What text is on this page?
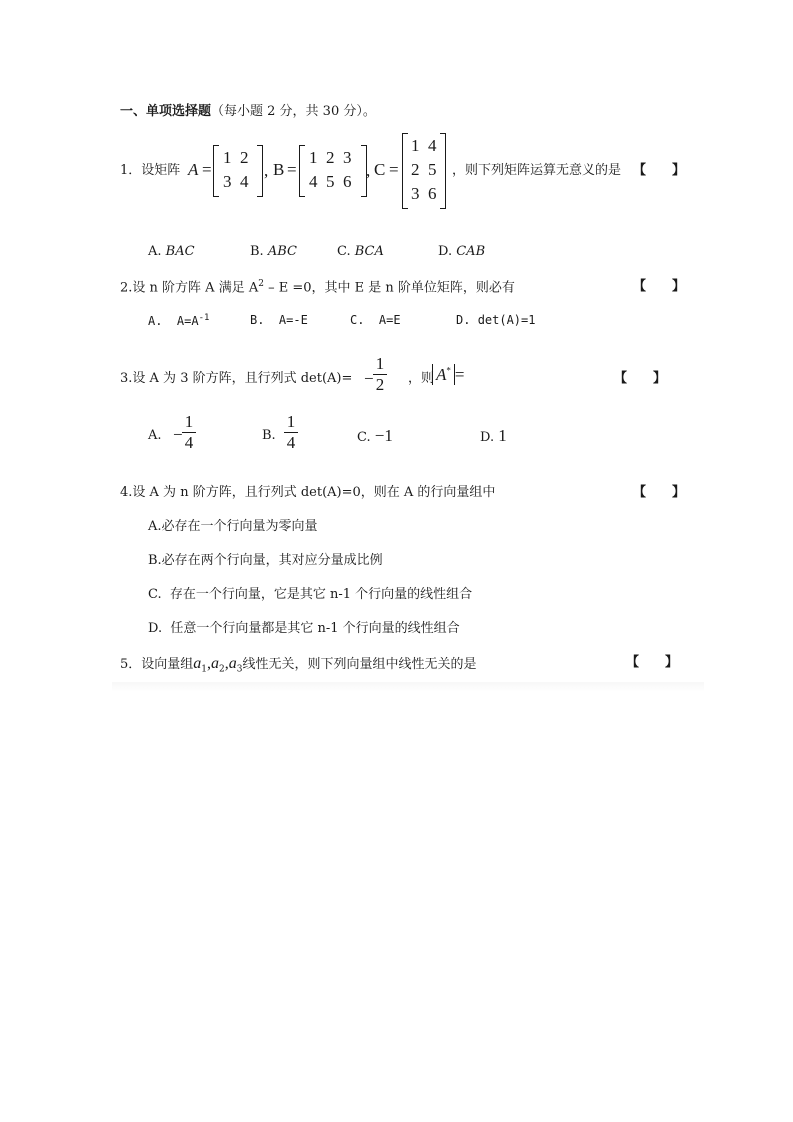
一、单项选择题（每小题 2 分，共 30 分）。
1．设矩阵 A =
1  2
3  4
, B =
1  2  3
4  5  6
, C =
1  4
2  5
3  6
，则下列矩阵运算无意义的是 【　　】
A. BAC	B. ABC	C. BCA	D. CAB
2.设 n 阶方阵 A 满足 $A^2 - E =0$，其中 E 是 n 阶单位矩阵，则必有	【　　】
A. $A=A^{-1}$	B. A=-E	C. A=E	D. det(A)=1
3.设 A 为 3 阶方阵，且行列式 det(A)= −
1
2 ，则 A* =	【　　】
A. −
1
4	B.
1
4	C. −1	D. 1
4.设 A 为 n 阶方阵，且行列式 det(A)=0，则在 A 的行向量组中	【　　】
A.必存在一个行向量为零向量
B.必存在两个行向量，其对应分量成比例
C.  存在一个行向量，它是其它 n-1 个行向量的线性组合
D.  任意一个行向量都是其它 n-1 个行向量的线性组合
5．设向量组$a_1,a_2,a_3$线性无关，则下列向量组中线性无关的是	【　　】
